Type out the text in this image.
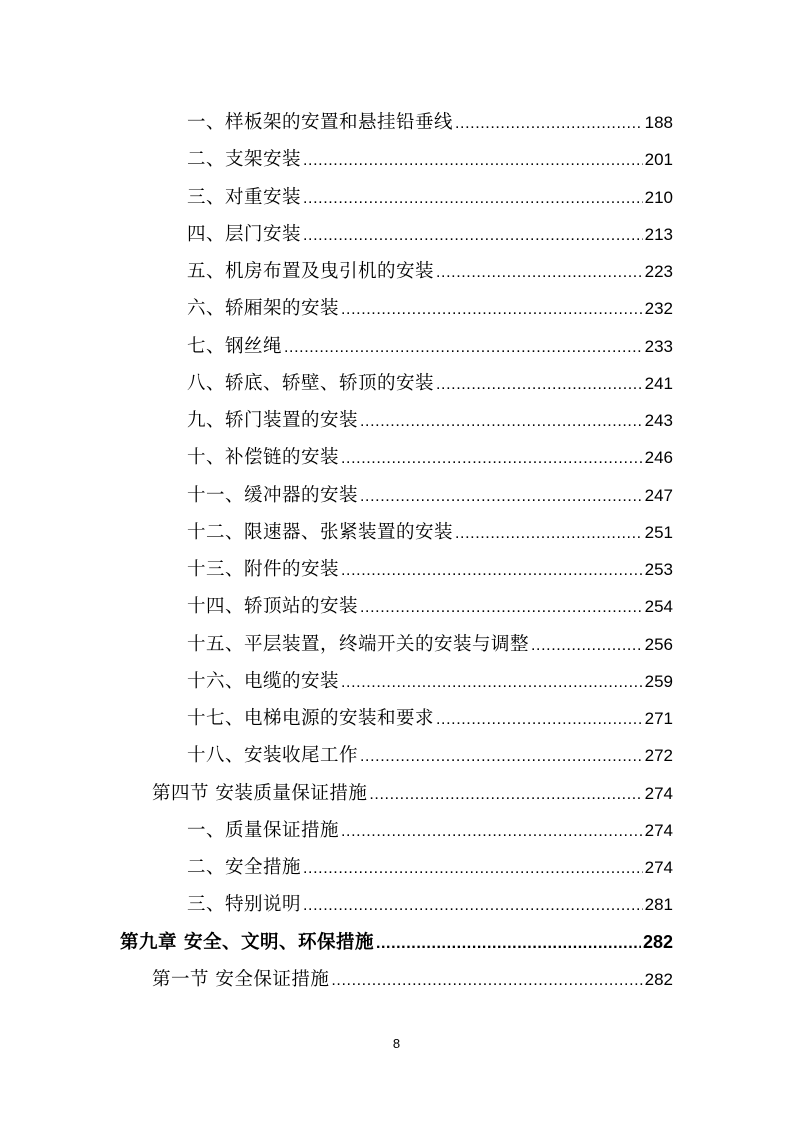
一、样板架的安置和悬挂铅垂线 .....	188
二、支架安装 .....	201
三、对重安装 .....	210
四、层门安装 .....	213
五、机房布置及曳引机的安装 .....	223
六、轿厢架的安装 .....	232
七、钢丝绳 .....	233
八、轿底、轿壁、轿顶的安装 .....	241
九、轿门装置的安装 .....	243
十、补偿链的安装 .....	246
十一、缓冲器的安装 .....	247
十二、限速器、张紧装置的安装 .....	251
十三、附件的安装 .....	253
十四、轿顶站的安装 .....	254
十五、平层装置，终端开关的安装与调整 .....	256
十六、电缆的安装 .....	259
十七、电梯电源的安装和要求 .....	271
十八、安装收尾工作 .....	272
第四节 安装质量保证措施 .....	274
一、质量保证措施 .....	274
二、安全措施 .....	274
三、特别说明 .....	281
第九章 安全、文明、环保措施 .....	282
第一节 安全保证措施 .....	282
8
